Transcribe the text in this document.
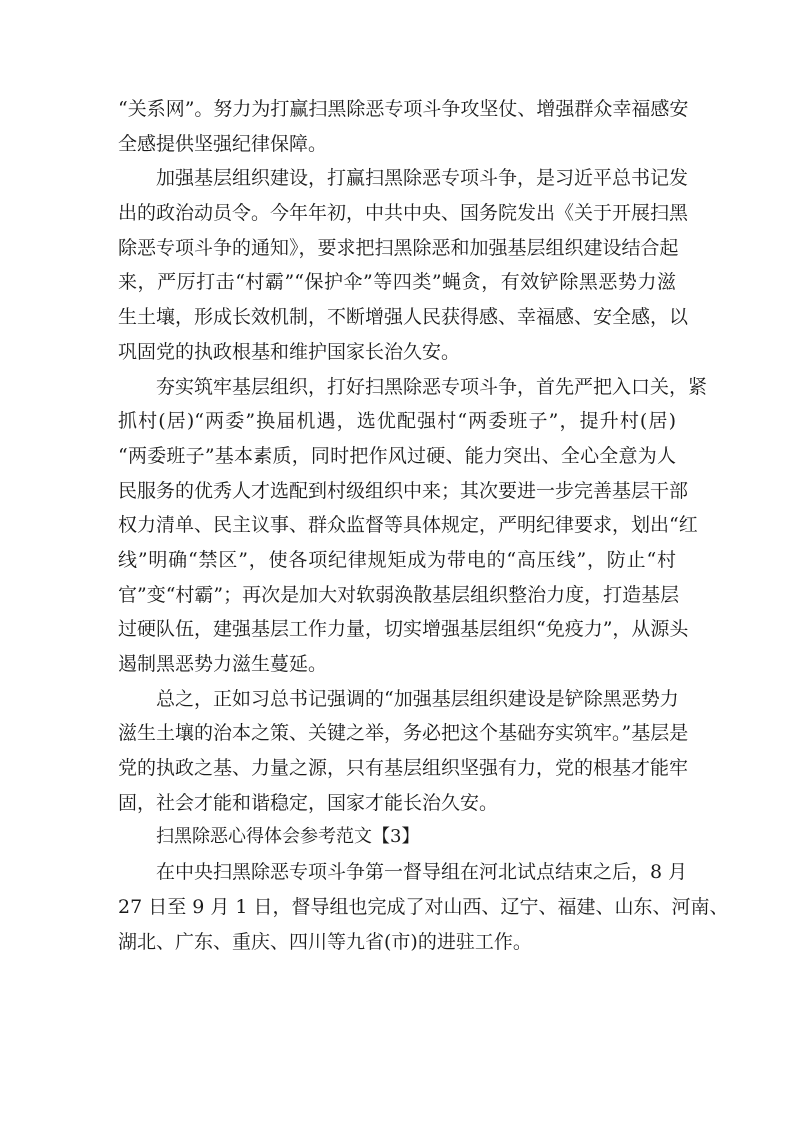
“关系网”。努力为打赢扫黑除恶专项斗争攻坚仗、增强群众幸福感安
全感提供坚强纪律保障。
加强基层组织建设，打赢扫黑除恶专项斗争，是习近平总书记发
出的政治动员令。今年年初，中共中央、国务院发出《关于开展扫黑
除恶专项斗争的通知》，要求把扫黑除恶和加强基层组织建设结合起
来，严厉打击“村霸”“保护伞”等四类”蝇贪，有效铲除黑恶势力滋
生土壤，形成长效机制，不断增强人民获得感、幸福感、安全感，以
巩固党的执政根基和维护国家长治久安。
夯实筑牢基层组织，打好扫黑除恶专项斗争，首先严把入口关，紧
抓村(居)“两委”换届机遇，选优配强村“两委班子”，提升村(居)
“两委班子”基本素质，同时把作风过硬、能力突出、全心全意为人
民服务的优秀人才选配到村级组织中来；其次要进一步完善基层干部
权力清单、民主议事、群众监督等具体规定，严明纪律要求，划出“红
线”明确“禁区”，使各项纪律规矩成为带电的“高压线”，防止“村
官”变“村霸”；再次是加大对软弱涣散基层组织整治力度，打造基层
过硬队伍，建强基层工作力量，切实增强基层组织“免疫力”，从源头
遏制黑恶势力滋生蔓延。
总之，正如习总书记强调的“加强基层组织建设是铲除黑恶势力
滋生土壤的治本之策、关键之举，务必把这个基础夯实筑牢。”基层是
党的执政之基、力量之源，只有基层组织坚强有力，党的根基才能牢
固，社会才能和谐稳定，国家才能长治久安。
扫黑除恶心得体会参考范文【3】
在中央扫黑除恶专项斗争第一督导组在河北试点结束之后，8 月
27 日至 9 月 1 日，督导组也完成了对山西、辽宁、福建、山东、河南、
湖北、广东、重庆、四川等九省(市)的进驻工作。
